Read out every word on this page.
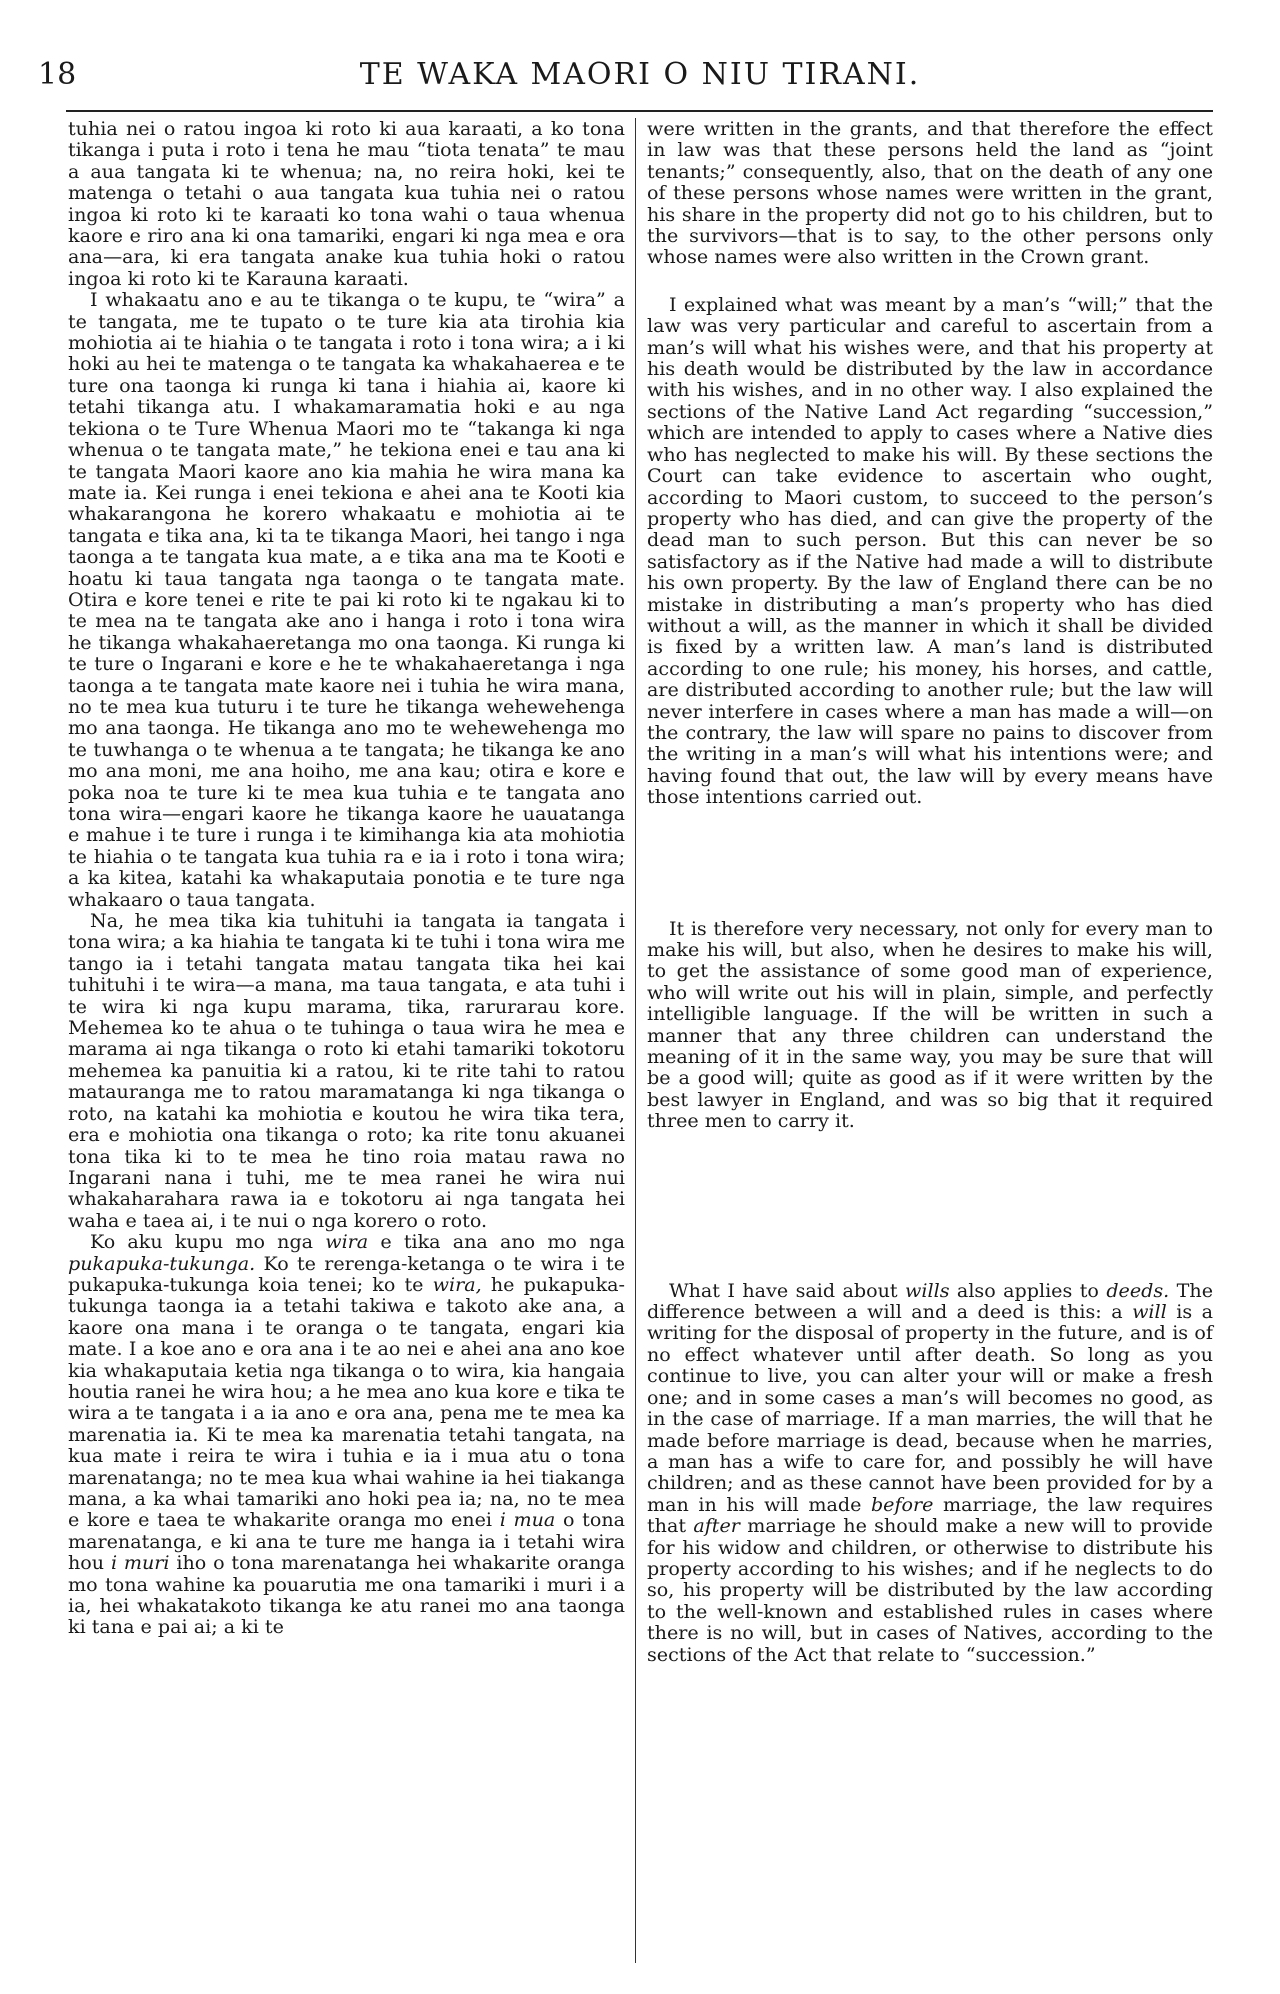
18	TE WAKA MAORI O NIU TIRANI.

tuhia nei o ratou ingoa ki roto ki aua karaati, a ko tona tikanga i puta i roto i tena he mau “tiota tenata” te mau a aua tangata ki te whenua; na, no reira hoki, kei te matenga o tetahi o aua tangata kua tuhia nei o ratou ingoa ki roto ki te karaati ko tona wahi o taua whenua kaore e riro ana ki ona tamariki, engari ki nga mea e ora ana—ara, ki era tangata anake kua tuhia hoki o ratou ingoa ki roto ki te Karauna karaati.

I whakaatu ano e au te tikanga o te kupu, te “wira” a te tangata, me te tupato o te ture kia ata tirohia kia mohiotia ai te hiahia o te tangata i roto i tona wira; a i ki hoki au hei te matenga o te tangata ka whakahaerea e te ture ona taonga ki runga ki tana i hiahia ai, kaore ki tetahi tikanga atu. I whakamaramatia hoki e au nga tekiona o te Ture Whenua Maori mo te “takanga ki nga whenua o te tangata mate,” he tekiona enei e tau ana ki te tangata Maori kaore ano kia mahia he wira mana ka mate ia. Kei runga i enei tekiona e ahei ana te Kooti kia whakarangona he korero whakaatu e mohiotia ai te tangata e tika ana, ki ta te tikanga Maori, hei tango i nga taonga a te tangata kua mate, a e tika ana ma te Kooti e hoatu ki taua tangata nga taonga o te tangata mate. Otira e kore tenei e rite te pai ki roto ki te ngakau ki to te mea na te tangata ake ano i hanga i roto i tona wira he tikanga whakahaeretanga mo ona taonga. Ki runga ki te ture o Ingarani e kore e he te whakahaeretanga i nga taonga a te tangata mate kaore nei i tuhia he wira mana, no te mea kua tuturu i te ture he tikanga wehewehenga mo ana taonga. He tikanga ano mo te wehewehenga mo te tuwhanga o te whenua a te tangata; he tikanga ke ano mo ana moni, me ana hoiho, me ana kau; otira e kore e poka noa te ture ki te mea kua tuhia e te tangata ano tona wira—engari kaore he tikanga kaore he uauatanga e mahue i te ture i runga i te kimihanga kia ata mohiotia te hiahia o te tangata kua tuhia ra e ia i roto i tona wira; a ka kitea, katahi ka whakaputaia ponotia e te ture nga whakaaro o taua tangata.

Na, he mea tika kia tuhituhi ia tangata ia tangata i tona wira; a ka hiahia te tangata ki te tuhi i tona wira me tango ia i tetahi tangata matau tangata tika hei kai tuhituhi i te wira—a mana, ma taua tangata, e ata tuhi i te wira ki nga kupu marama, tika, rarurarau kore. Mehemea ko te ahua o te tuhinga o taua wira he mea e marama ai nga tikanga o roto ki etahi tamariki tokotoru mehemea ka panuitia ki a ratou, ki te rite tahi to ratou matauranga me to ratou maramatanga ki nga tikanga o roto, na katahi ka mohiotia e koutou he wira tika tera, era e mohiotia ona tikanga o roto; ka rite tonu akuanei tona tika ki to te mea he tino roia matau rawa no Ingarani nana i tuhi, me te mea ranei he wira nui whakaharahara rawa ia e tokotoru ai nga tangata hei waha e taea ai, i te nui o nga korero o roto.

Ko aku kupu mo nga wira e tika ana ano mo nga pukapuka-tukunga. Ko te rerenga-ketanga o te wira i te pukapuka-tukunga koia tenei; ko te wira, he pukapuka-tukunga taonga ia a tetahi takiwa e takoto ake ana, a kaore ona mana i te oranga o te tangata, engari kia mate. I a koe ano e ora ana i te ao nei e ahei ana ano koe kia whakaputaia ketia nga tikanga o to wira, kia hangaia houtia ranei he wira hou; a he mea ano kua kore e tika te wira a te tangata i a ia ano e ora ana, pena me te mea ka marenatia ia. Ki te mea ka marenatia tetahi tangata, na kua mate i reira te wira i tuhia e ia i mua atu o tona marenatanga; no te mea kua whai wahine ia hei tiakanga mana, a ka whai tamariki ano hoki pea ia; na, no te mea e kore e taea te whakarite oranga mo enei i mua o tona marenatanga, e ki ana te ture me hanga ia i tetahi wira hou i muri iho o tona marenatanga hei whakarite oranga mo tona wahine ka pouarutia me ona tamariki i muri i a ia, hei whakatakoto tikanga ke atu ranei mo ana taonga ki tana e pai ai; a ki te

were written in the grants, and that therefore the effect in law was that these persons held the land as “joint tenants;” consequently, also, that on the death of any one of these persons whose names were written in the grant, his share in the property did not go to his children, but to the survivors—that is to say, to the other persons only whose names were also written in the Crown grant.

I explained what was meant by a man’s “will;” that the law was very particular and careful to ascertain from a man’s will what his wishes were, and that his property at his death would be distributed by the law in accordance with his wishes, and in no other way. I also explained the sections of the Native Land Act regarding “succession,” which are intended to apply to cases where a Native dies who has neglected to make his will. By these sections the Court can take evidence to ascertain who ought, according to Maori custom, to succeed to the person’s property who has died, and can give the property of the dead man to such person. But this can never be so satisfactory as if the Native had made a will to distribute his own property. By the law of England there can be no mistake in distributing a man’s property who has died without a will, as the manner in which it shall be divided is fixed by a written law. A man’s land is distributed according to one rule; his money, his horses, and cattle, are distributed according to another rule; but the law will never interfere in cases where a man has made a will—on the contrary, the law will spare no pains to discover from the writing in a man’s will what his intentions were; and having found that out, the law will by every means have those intentions carried out.

It is therefore very necessary, not only for every man to make his will, but also, when he desires to make his will, to get the assistance of some good man of experience, who will write out his will in plain, simple, and perfectly intelligible language. If the will be written in such a manner that any three children can understand the meaning of it in the same way, you may be sure that will be a good will; quite as good as if it were written by the best lawyer in England, and was so big that it required three men to carry it.

What I have said about wills also applies to deeds. The difference between a will and a deed is this: a will is a writing for the disposal of property in the future, and is of no effect whatever until after death. So long as you continue to live, you can alter your will or make a fresh one; and in some cases a man’s will becomes no good, as in the case of marriage. If a man marries, the will that he made before marriage is dead, because when he marries, a man has a wife to care for, and possibly he will have children; and as these cannot have been provided for by a man in his will made before marriage, the law requires that after marriage he should make a new will to provide for his widow and children, or otherwise to distribute his property according to his wishes; and if he neglects to do so, his property will be distributed by the law according to the well-known and established rules in cases where there is no will, but in cases of Natives, according to the sections of the Act that relate to “succession.”
